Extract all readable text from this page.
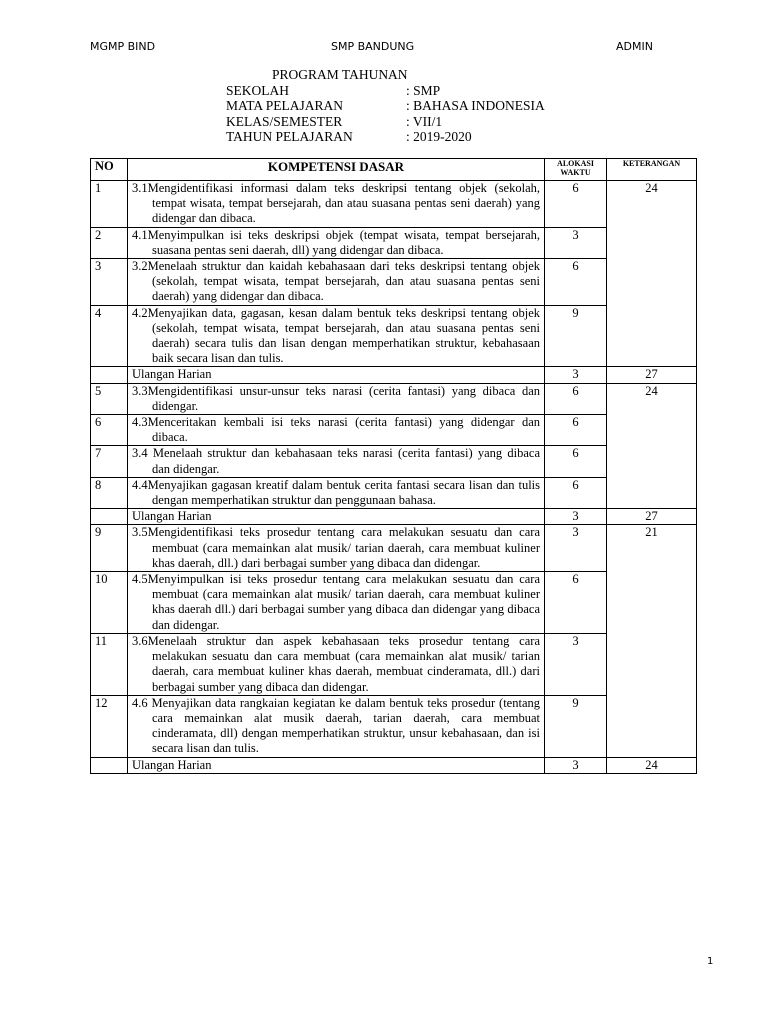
MGMP BIND	SMP BANDUNG	ADMIN
PROGRAM TAHUNAN
SEKOLAH	: SMP
MATA PELAJARAN	: BAHASA INDONESIA
KELAS/SEMESTER	: VII/1
TAHUN PELAJARAN	: 2019-2020
NO	KOMPETENSI DASAR	ALOKASI WAKTU	KETERANGAN
1	3.1Mengidentifikasi informasi dalam teks deskripsi tentang objek (sekolah, tempat wisata, tempat bersejarah, dan atau suasana pentas seni daerah) yang didengar dan dibaca.	6	24
2	4.1Menyimpulkan isi teks deskripsi objek (tempat wisata, tempat bersejarah, suasana pentas seni daerah, dll) yang didengar dan dibaca.	3	
3	3.2Menelaah struktur dan kaidah kebahasaan dari teks deskripsi tentang objek (sekolah, tempat wisata, tempat bersejarah, dan atau suasana pentas seni daerah) yang didengar dan dibaca.	6	
4	4.2Menyajikan data, gagasan, kesan dalam bentuk teks deskripsi tentang objek (sekolah, tempat wisata, tempat bersejarah, dan atau suasana pentas seni daerah) secara tulis dan lisan dengan memperhatikan struktur, kebahasaan baik secara lisan dan tulis.	9	
	Ulangan Harian	3	27
5	3.3Mengidentifikasi unsur-unsur teks narasi (cerita fantasi) yang dibaca dan didengar.	6	24
6	4.3Menceritakan kembali isi teks narasi (cerita fantasi) yang didengar dan dibaca.	6	
7	3.4 Menelaah struktur dan kebahasaan teks narasi (cerita fantasi) yang dibaca dan didengar.	6	
8	4.4Menyajikan gagasan kreatif dalam bentuk cerita fantasi secara lisan dan tulis dengan memperhatikan struktur dan penggunaan bahasa.	6	
	Ulangan Harian	3	27
9	3.5Mengidentifikasi teks prosedur tentang cara melakukan sesuatu dan cara membuat (cara memainkan alat musik/ tarian daerah, cara membuat kuliner khas daerah, dll.) dari berbagai sumber yang dibaca dan didengar.	3	21
10	4.5Menyimpulkan isi teks prosedur tentang cara melakukan sesuatu dan cara membuat (cara memainkan alat musik/ tarian daerah, cara membuat kuliner khas daerah dll.) dari berbagai sumber yang dibaca dan didengar yang dibaca dan didengar.	6	
11	3.6Menelaah struktur dan aspek kebahasaan teks prosedur tentang cara melakukan sesuatu dan cara membuat (cara memainkan alat musik/ tarian daerah, cara membuat kuliner khas daerah, membuat cinderamata, dll.) dari berbagai sumber yang dibaca dan didengar.	3	
12	4.6 Menyajikan data rangkaian kegiatan ke dalam bentuk teks prosedur (tentang cara memainkan alat musik daerah, tarian daerah, cara membuat cinderamata, dll) dengan memperhatikan struktur, unsur kebahasaan, dan isi secara lisan dan tulis.	9	
	Ulangan Harian	3	24
1
